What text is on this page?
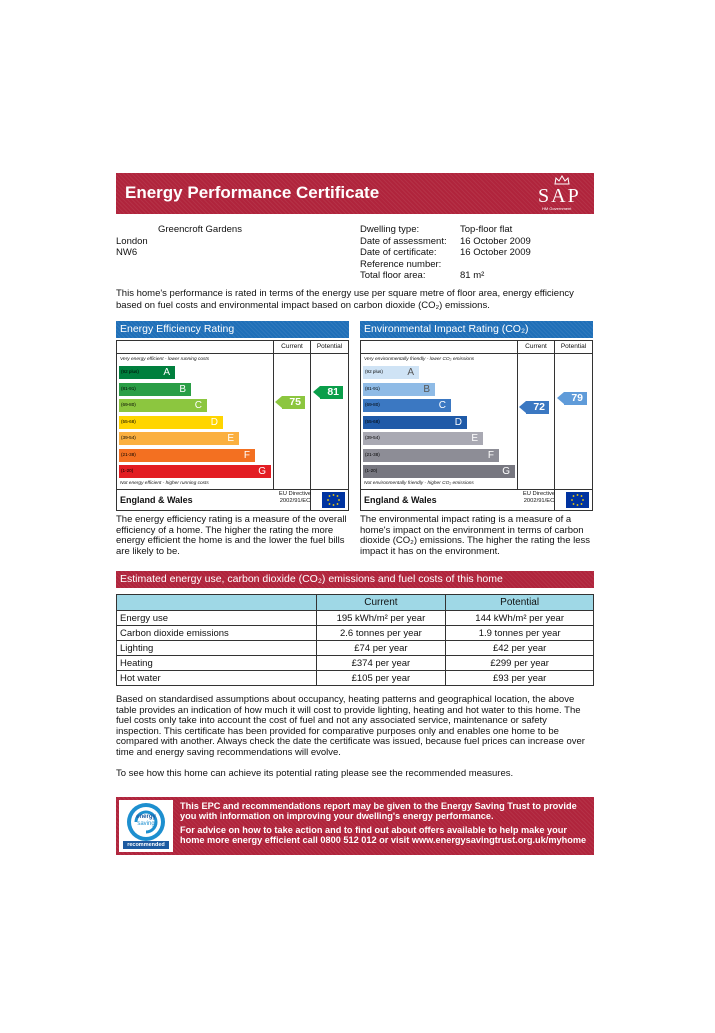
Energy Performance Certificate	SAP
HM Government
Greencroft Gardens
London
NW6
Dwelling type:	Top-floor flat
Date of assessment: 16 October 2009
Date of certificate: 16 October 2009
Reference number:
Total floor area:	81 m²
This home's performance is rated in terms of the energy use per square metre of floor area, energy efficiency based on fuel costs and environmental impact based on carbon dioxide (CO₂) emissions.
Energy Efficiency Rating
Current	Potential
Very energy efficient - lower running costs
Not energy efficient - higher running costs
(92 plus) A
(81-91)	B
(69-80)	C
(55-68)	D
(39-54)	E
(21-38)	F
(1-20)	G
75
81
England & Wales
EU Directive 2002/91/EC
Environmental Impact Rating (CO₂)
Current	Potential
Very environmentally friendly - lower CO₂ emissions
Not environmentally friendly - higher CO₂ emissions
(92 plus) A
(81-91)	B
(69-80)	C
(55-68)	D
(39-54)	E
(21-38)	F
(1-20)	G
72
79
England & Wales
EU Directive 2002/91/EC
The energy efficiency rating is a measure of the overall efficiency of a home. The higher the rating the more energy efficient the home is and the lower the fuel bills are likely to be.
The environmental impact rating is a measure of a home's impact on the environment in terms of carbon dioxide (CO₂) emissions. The higher the rating the less impact it has on the environment.
Estimated energy use, carbon dioxide (CO₂) emissions and fuel costs of this home
	Current	Potential
Energy use	195 kWh/m² per year	144 kWh/m² per year
Carbon dioxide emissions	2.6 tonnes per year	1.9 tonnes per year
Lighting	£74 per year	£42 per year
Heating	£374 per year	£299 per year
Hot water	£105 per year	£93 per year
Based on standardised assumptions about occupancy, heating patterns and geographical location, the above table provides an indication of how much it will cost to provide lighting, heating and hot water to this home. The fuel costs only take into account the cost of fuel and not any associated service, maintenance or safety inspection. This certificate has been provided for comparative purposes only and enables one home to be compared with another. Always check the date the certificate was issued, because fuel prices can increase over time and energy saving recommendations will evolve.
To see how this home can achieve its potential rating please see the recommended measures.
energy
saving
recommended
This EPC and recommendations report may be given to the Energy Saving Trust to provide you with information on improving your dwelling's energy performance.
For advice on how to take action and to find out about offers available to help make your home more energy efficient call 0800 512 012 or visit www.energysavingtrust.org.uk/myhome
